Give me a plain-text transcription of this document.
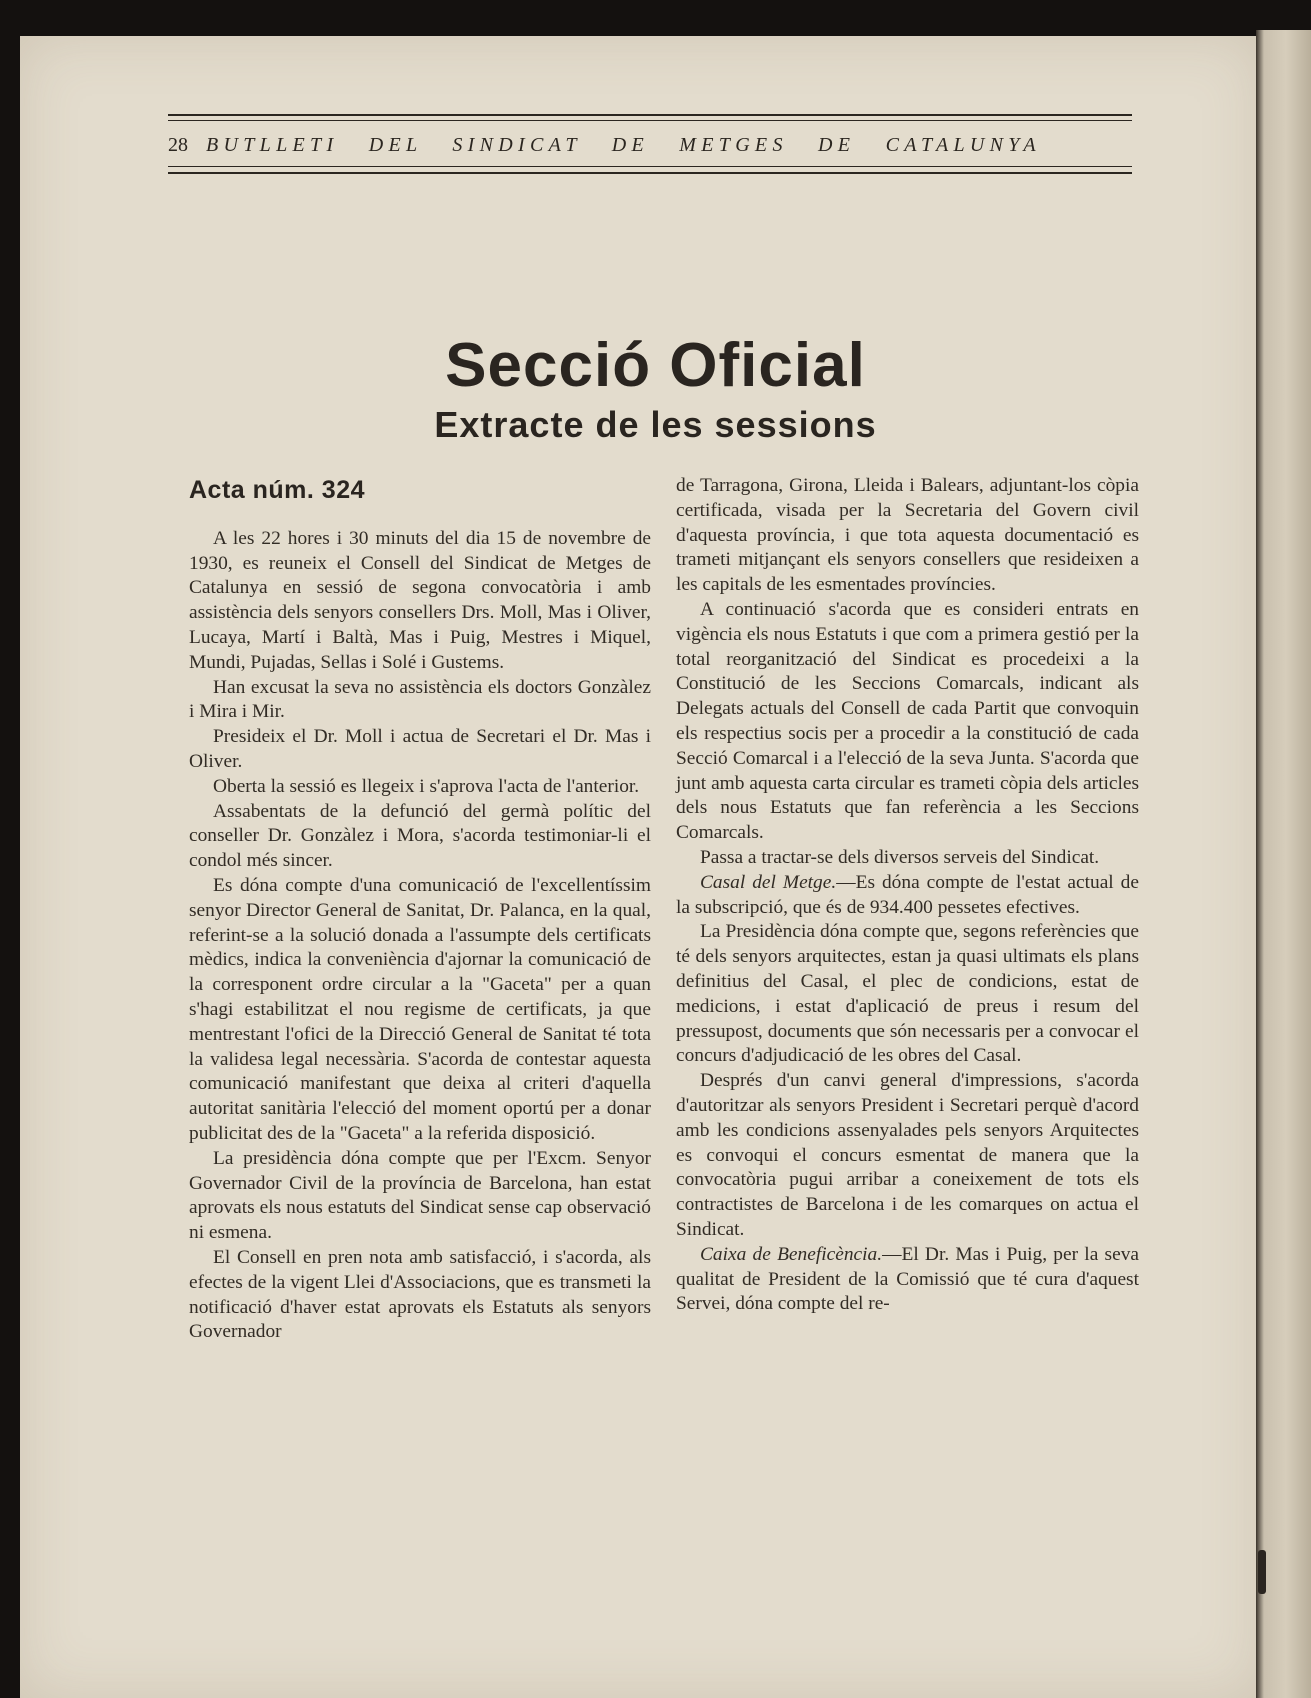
28 BUTLLETI DEL SINDICAT DE METGES DE CATALUNYA
Secció Oficial
Extracte de les sessions
Acta núm. 324

A les 22 hores i 30 minuts del dia 15 de novembre de 1930, es reuneix el Consell del Sindicat de Metges de Catalunya en sessió de segona convocatòria i amb assistència dels senyors consellers Drs. Moll, Mas i Oliver, Lucaya, Martí i Baltà, Mas i Puig, Mestres i Miquel, Mundi, Pujadas, Sellas i Solé i Gustems.

Han excusat la seva no assistència els doctors Gonzàlez i Mira i Mir.

Presideix el Dr. Moll i actua de Secretari el Dr. Mas i Oliver.

Oberta la sessió es llegeix i s'aprova l'acta de l'anterior.

Assabentats de la defunció del germà polític del conseller Dr. Gonzàlez i Mora, s'acorda testimoniar-li el condol més sincer.

Es dóna compte d'una comunicació de l'excellentíssim senyor Director General de Sanitat, Dr. Palanca, en la qual, referint-se a la solució donada a l'assumpte dels certificats mèdics, indica la conveniència d'ajornar la comunicació de la corresponent ordre circular a la "Gaceta" per a quan s'hagi estabilitzat el nou regisme de certificats, ja que mentrestant l'ofici de la Direcció General de Sanitat té tota la validesa legal necessària. S'acorda de contestar aquesta comunicació manifestant que deixa al criteri d'aquella autoritat sanitària l'elecció del moment oportú per a donar publicitat des de la "Gaceta" a la referida disposició.

La presidència dóna compte que per l'Excm. Senyor Governador Civil de la província de Barcelona, han estat aprovats els nous estatuts del Sindicat sense cap observació ni esmena.

El Consell en pren nota amb satisfacció, i s'acorda, als efectes de la vigent Llei d'Associacions, que es transmeti la notificació d'haver estat aprovats els Estatuts als senyors Governador

de Tarragona, Girona, Lleida i Balears, adjuntant-los còpia certificada, visada per la Secretaria del Govern civil d'aquesta província, i que tota aquesta documentació es trameti mitjançant els senyors consellers que resideixen a les capitals de les esmentades províncies.

A continuació s'acorda que es consideri entrats en vigència els nous Estatuts i que com a primera gestió per la total reorganització del Sindicat es procedeixi a la Constitució de les Seccions Comarcals, indicant als Delegats actuals del Consell de cada Partit que convoquin els respectius socis per a procedir a la constitució de cada Secció Comarcal i a l'elecció de la seva Junta. S'acorda que junt amb aquesta carta circular es trameti còpia dels articles dels nous Estatuts que fan referència a les Seccions Comarcals.

Passa a tractar-se dels diversos serveis del Sindicat.

Casal del Metge.—Es dóna compte de l'estat actual de la subscripció, que és de 934.400 pessetes efectives.

La Presidència dóna compte que, segons referències que té dels senyors arquitectes, estan ja quasi ultimats els plans definitius del Casal, el plec de condicions, estat de medicions, i estat d'aplicació de preus i resum del pressupost, documents que són necessaris per a convocar el concurs d'adjudicació de les obres del Casal.

Després d'un canvi general d'impressions, s'acorda d'autoritzar als senyors President i Secretari perquè d'acord amb les condicions assenyalades pels senyors Arquitectes es convoqui el concurs esmentat de manera que la convocatòria pugui arribar a coneixement de tots els contractistes de Barcelona i de les comarques on actua el Sindicat.

Caixa de Beneficència.—El Dr. Mas i Puig, per la seva qualitat de President de la Comissió que té cura d'aquest Servei, dóna compte del re-
